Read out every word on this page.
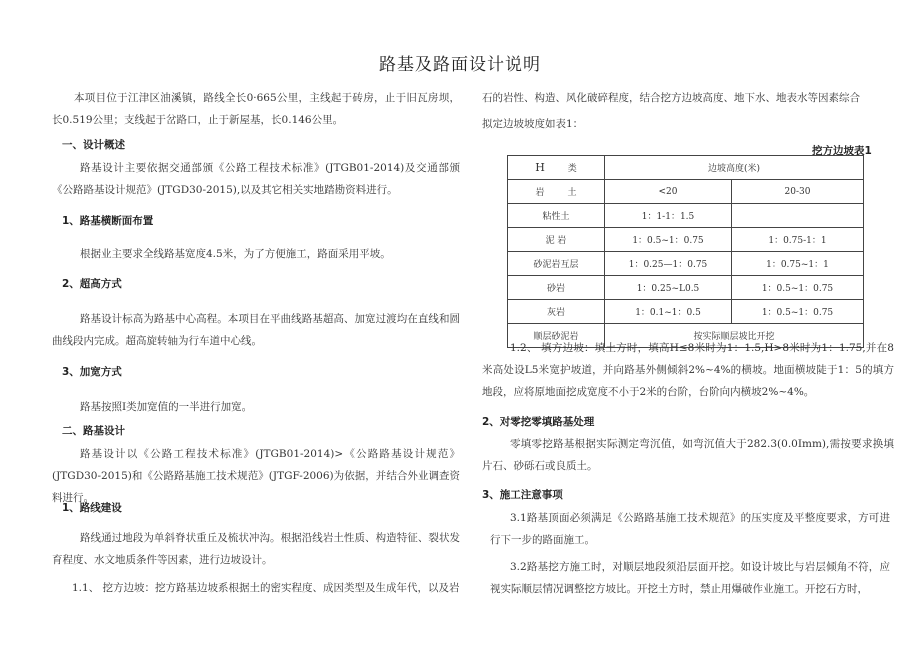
路基及路面设计说明
本项目位于江津区油溪镇，路线全长0·665公里，主线起于砖房，止于旧瓦房坝，长0.519公里；支线起于岔路口，止于新屋基，长0.146公里。
一、设计概述
路基设计主要依据交通部颁《公路工程技术标准》(JTGB01-2014)及交通部颁《公路路基设计规范》(JTGD30-2015),以及其它相关实地踏勘资料进行。
1、路基横断面布置
根据业主要求全线路基宽度4.5米，为了方便施工，路面采用平坡。
2、超高方式
路基设计标高为路基中心高程。本项目在平曲线路基超高、加宽过渡均在直线和圆曲线段内完成。超高旋转轴为行车道中心线。
3、加宽方式
路基按照Ⅰ类加宽值的一半进行加宽。
二、路基设计
路基设计以《公路工程技术标准》(JTGB01-2014)>《公路路基设计规范》(JTGD30-2015)和《公路路基施工技术规范》(JTGF-2006)为依据，并结合外业调查资料进行。
1、路线建设
路线通过地段为单斜脊状重丘及梳状冲沟。根据沿线岩土性质、构造特征、裂状发育程度、水文地质条件等因素，进行边坡设计。
1.1、 挖方边坡：挖方路基边坡系根据土的密实程度、成因类型及生成年代，以及岩
石的岩性、构造、风化破碎程度，结合挖方边坡高度、地下水、地表水等因素综合
拟定边坡坡度如表1：
挖方边坡表1
H 类	边坡高度(米)	
岩 土	<20	20-30
粘性土	1：1-1：1.5	
泥 岩	1：0.5~1：0.75	1：0.75-1：1
砂泥岩互层	1：0.25—1：0.75	1：0.75~1：1
砂岩	1：0.25~L0.5	1：0.5~1：0.75
灰岩	1：0.1~1：0.5	1：0.5~1：0.75
顺层砂泥岩	按实际顺层坡比开挖	
1.2、 填方边坡：填土方时，填高H≤8米时为1：1.5,H>8米时为1：1.75,并在8米高处设L5米宽护坡道，并向路基外侧倾斜2%~4%的横坡。地面横坡陡于1：5的填方地段，应将原地面挖成宽度不小于2米的台阶，台阶向内横坡2%~4%。
2、对零挖零填路基处理
零填零挖路基根据实际测定弯沉值，如弯沉值大于282.3(0.0Imm),需按要求换填片石、砂砾石或良质土。
3、施工注意事项
3.1路基顶面必须满足《公路路基施工技术规范》的压实度及平整度要求，方可进行下一步的路面施工。
3.2路基挖方施工时，对顺层地段须沿层面开挖。如设计坡比与岩层倾角不符，应视实际顺层情况调整挖方坡比。开挖土方时，禁止用爆破作业施工。开挖石方时，
